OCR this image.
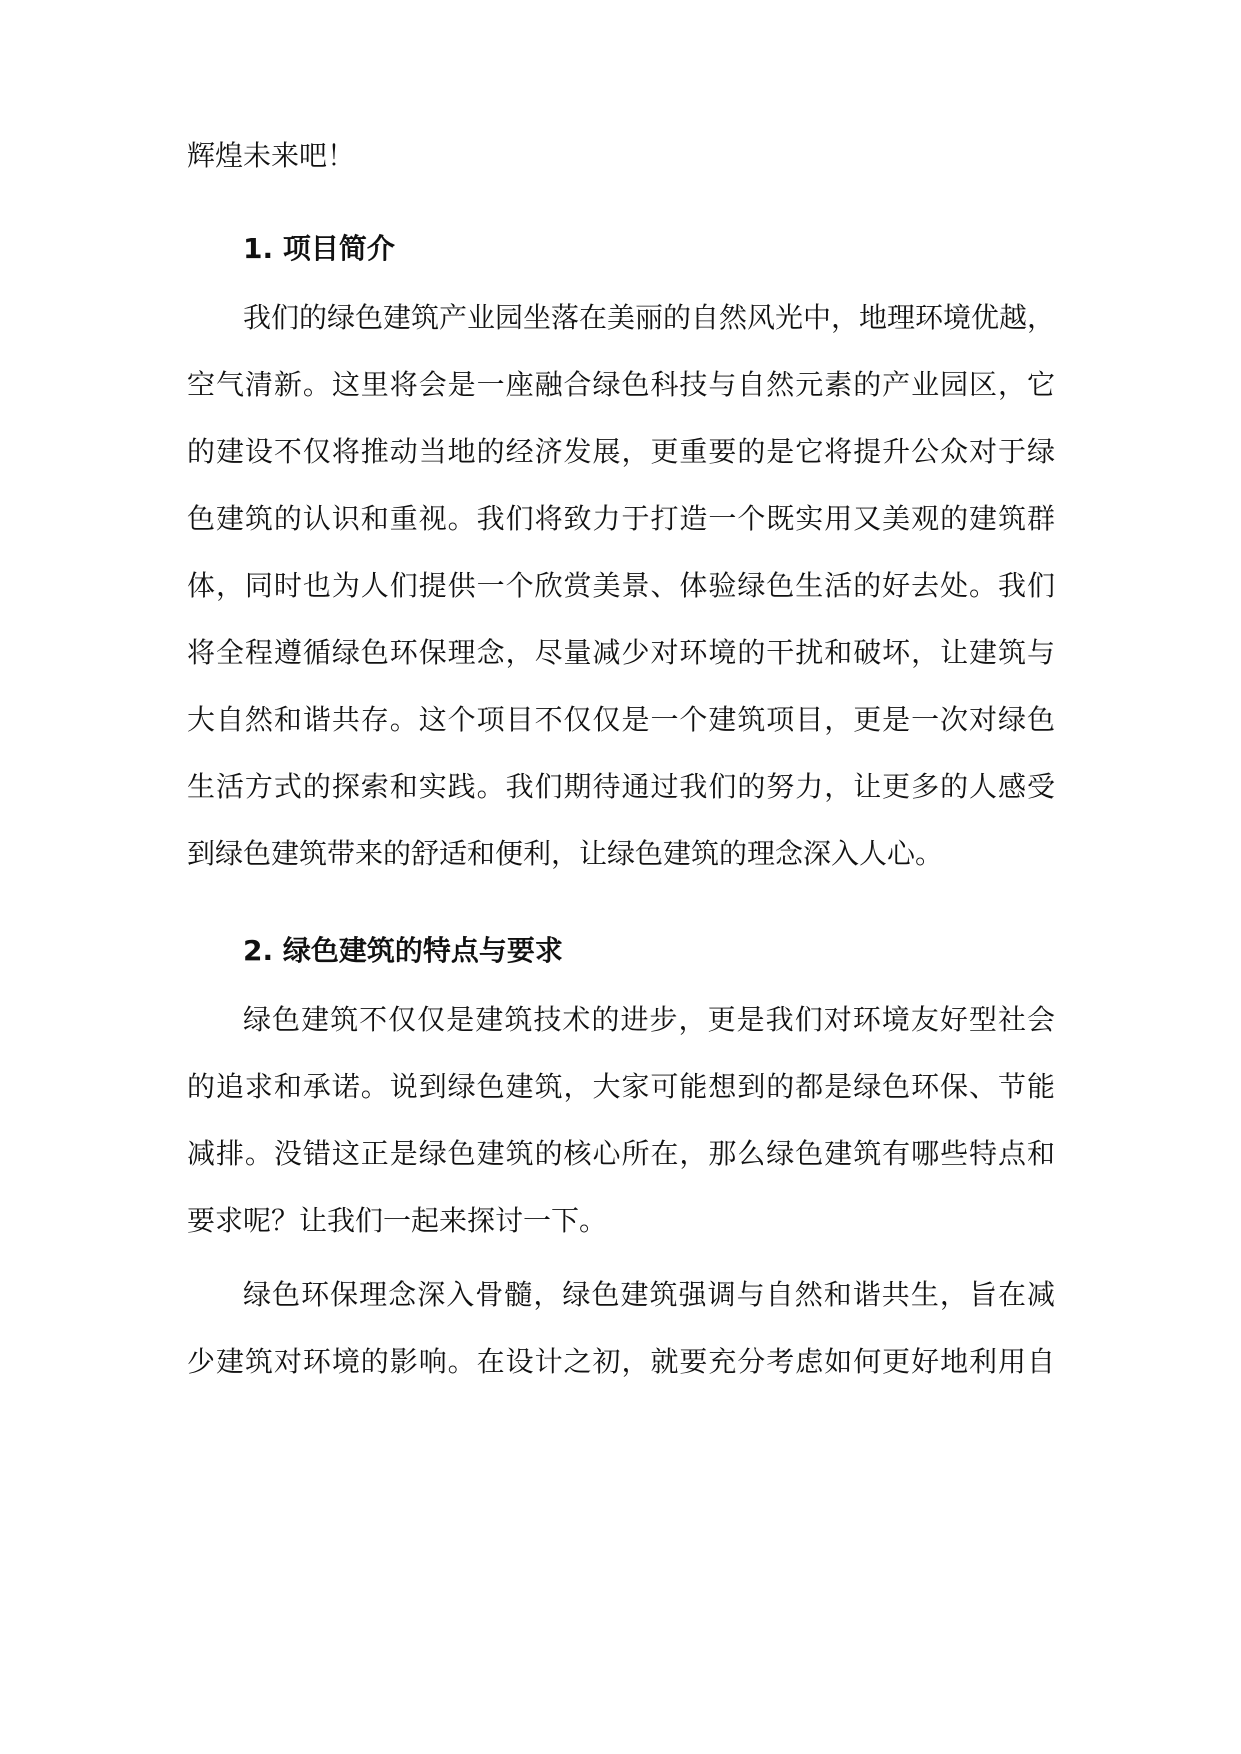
辉煌未来吧！
1. 项目简介
我们的绿色建筑产业园坐落在美丽的自然风光中，地理环境优越，
空气清新。这里将会是一座融合绿色科技与自然元素的产业园区，它
的建设不仅将推动当地的经济发展，更重要的是它将提升公众对于绿
色建筑的认识和重视。我们将致力于打造一个既实用又美观的建筑群
体，同时也为人们提供一个欣赏美景、体验绿色生活的好去处。我们
将全程遵循绿色环保理念，尽量减少对环境的干扰和破坏，让建筑与
大自然和谐共存。这个项目不仅仅是一个建筑项目，更是一次对绿色
生活方式的探索和实践。我们期待通过我们的努力，让更多的人感受
到绿色建筑带来的舒适和便利，让绿色建筑的理念深入人心。
2. 绿色建筑的特点与要求
绿色建筑不仅仅是建筑技术的进步，更是我们对环境友好型社会
的追求和承诺。说到绿色建筑，大家可能想到的都是绿色环保、节能
减排。没错这正是绿色建筑的核心所在，那么绿色建筑有哪些特点和
要求呢？让我们一起来探讨一下。
绿色环保理念深入骨髓，绿色建筑强调与自然和谐共生，旨在减
少建筑对环境的影响。在设计之初，就要充分考虑如何更好地利用自
